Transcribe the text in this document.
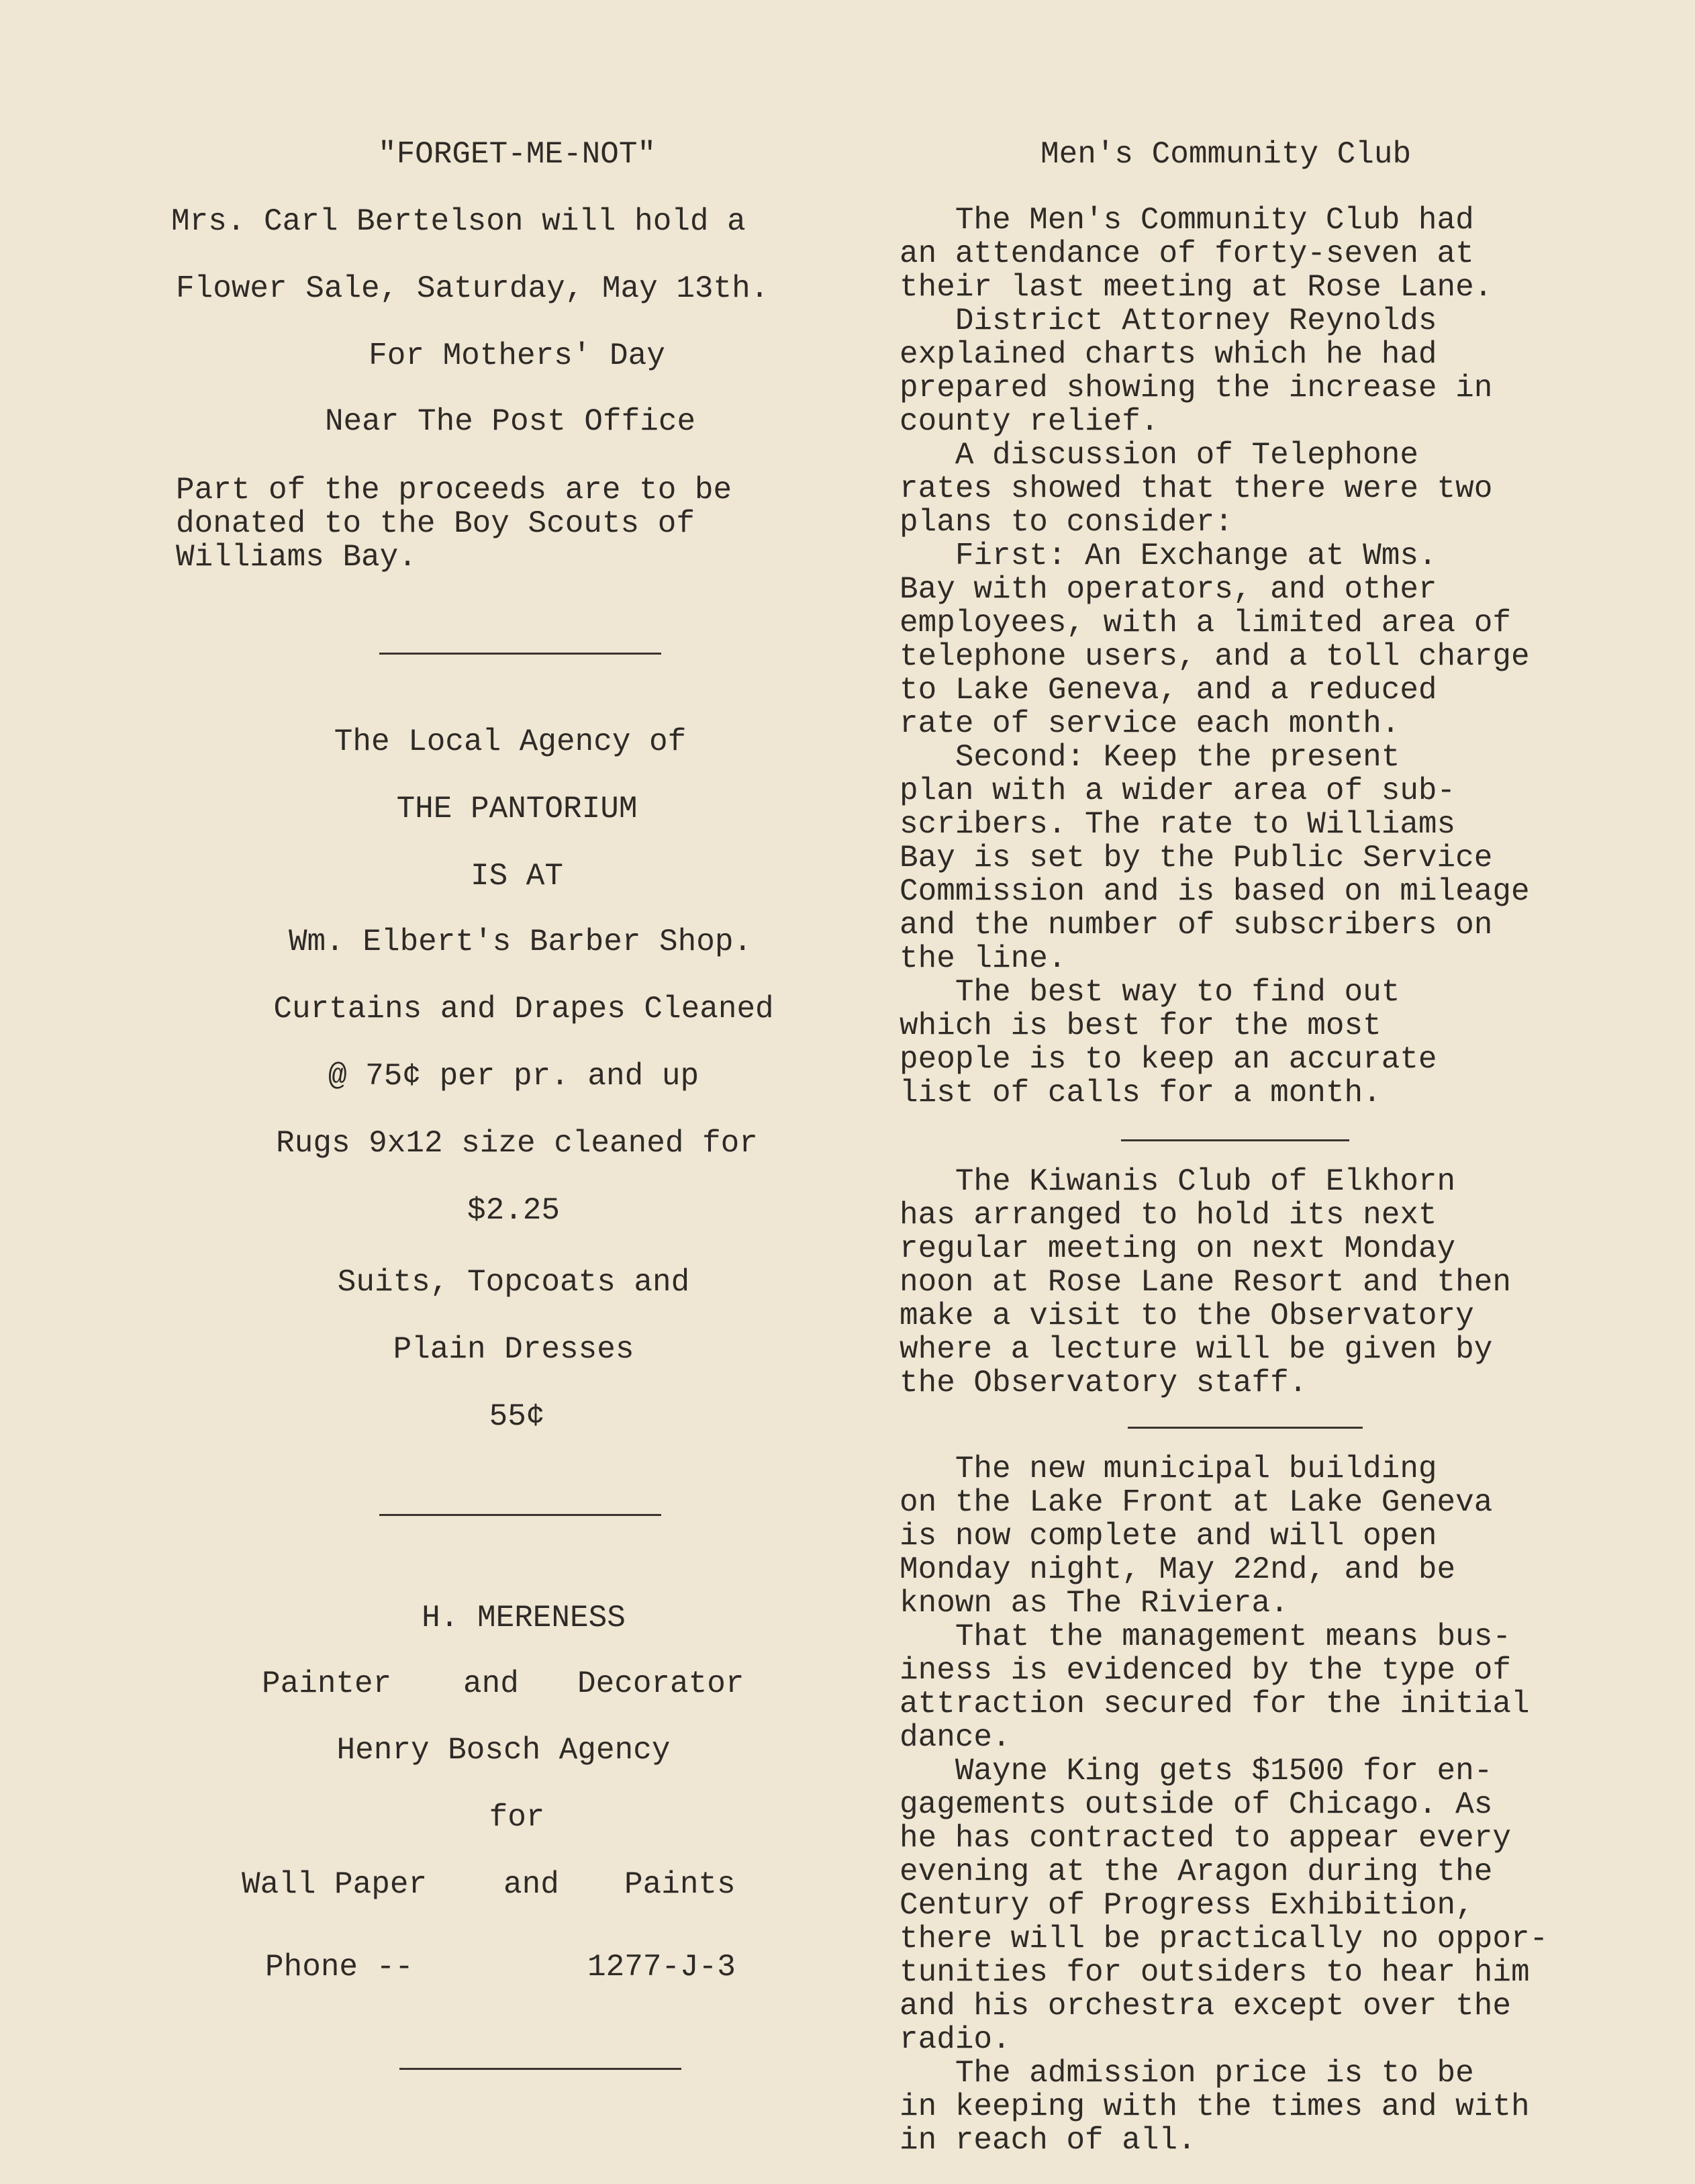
"FORGET-ME-NOT"
Mrs. Carl Bertelson will hold a
Flower Sale, Saturday, May 13th.
For Mothers' Day
Near The Post Office
Part of the proceeds are to be
donated to the Boy Scouts of
Williams Bay.
The Local Agency of
THE PANTORIUM
IS AT
Wm. Elbert's Barber Shop.
Curtains and Drapes Cleaned
@ 75¢ per pr. and up
Rugs 9x12 size cleaned for
$2.25
Suits, Topcoats and
Plain Dresses
55¢
H. MERENESS
Painter and Decorator
Henry Bosch Agency
for
Wall Paper and Paints
Phone --	1277-J-3
Men's Community Club
The Men's Community Club had
an attendance of forty-seven at
their last meeting at Rose Lane.
District Attorney Reynolds
explained charts which he had
prepared showing the increase in
county relief.
A discussion of Telephone
rates showed that there were two
plans to consider:
First: An Exchange at Wms.
Bay with operators, and other
employees, with a limited area of
telephone users, and a toll charge
to Lake Geneva, and a reduced
rate of service each month.
Second: Keep the present
plan with a wider area of sub-
scribers. The rate to Williams
Bay is set by the Public Service
Commission and is based on mileage
and the number of subscribers on
the line.
The best way to find out
which is best for the most
people is to keep an accurate
list of calls for a month.
The Kiwanis Club of Elkhorn
has arranged to hold its next
regular meeting on next Monday
noon at Rose Lane Resort and then
make a visit to the Observatory
where a lecture will be given by
the Observatory staff.
The new municipal building
on the Lake Front at Lake Geneva
is now complete and will open
Monday night, May 22nd, and be
known as The Riviera.
That the management means bus-
iness is evidenced by the type of
attraction secured for the initial
dance.
Wayne King gets $1500 for en-
gagements outside of Chicago. As
he has contracted to appear every
evening at the Aragon during the
Century of Progress Exhibition,
there will be practically no oppor-
tunities for outsiders to hear him
and his orchestra except over the
radio.
The admission price is to be
in keeping with the times and with
in reach of all.
